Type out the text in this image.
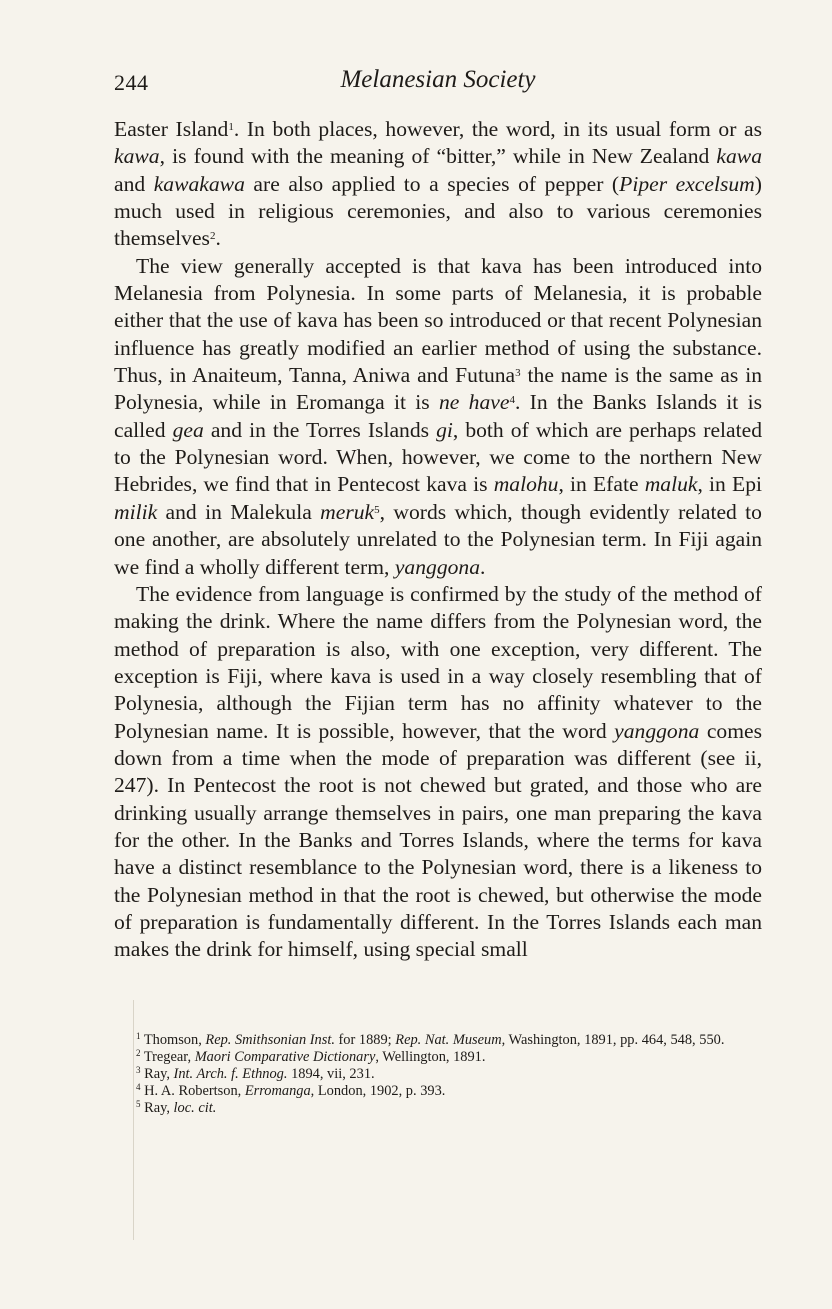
244	Melanesian Society

Easter Island$^1$. In both places, however, the word, in its usual form or as kawa, is found with the meaning of “bitter,” while in New Zealand kawa and kawakawa are also applied to a species of pepper (Piper excelsum) much used in religious ceremonies, and also to various ceremonies themselves$^2$.

The view generally accepted is that kava has been introduced into Melanesia from Polynesia. In some parts of Melanesia, it is probable either that the use of kava has been so introduced or that recent Polynesian influence has greatly modified an earlier method of using the substance. Thus, in Anaiteum, Tanna, Aniwa and Futuna$^3$ the name is the same as in Polynesia, while in Eromanga it is ne have$^4$. In the Banks Islands it is called gea and in the Torres Islands gi, both of which are perhaps related to the Polynesian word. When, however, we come to the northern New Hebrides, we find that in Pentecost kava is malohu, in Efate maluk, in Epi milik and in Malekula meruk$^5$, words which, though evidently related to one another, are absolutely unrelated to the Polynesian term. In Fiji again we find a wholly different term, yanggona.

The evidence from language is confirmed by the study of the method of making the drink. Where the name differs from the Polynesian word, the method of preparation is also, with one exception, very different. The exception is Fiji, where kava is used in a way closely resembling that of Polynesia, although the Fijian term has no affinity whatever to the Polynesian name. It is possible, however, that the word yanggona comes down from a time when the mode of preparation was different (see ii, 247). In Pentecost the root is not chewed but grated, and those who are drinking usually arrange themselves in pairs, one man preparing the kava for the other. In the Banks and Torres Islands, where the terms for kava have a distinct resemblance to the Polynesian word, there is a likeness to the Polynesian method in that the root is chewed, but otherwise the mode of preparation is fundamentally different. In the Torres Islands each man makes the drink for himself, using special small

$^1$ Thomson, Rep. Smithsonian Inst. for 1889; Rep. Nat. Museum, Washington, 1891, pp. 464, 548, 550.

$^2$ Tregear, Maori Comparative Dictionary, Wellington, 1891.

$^3$ Ray, Int. Arch. f. Ethnog. 1894, vii, 231.

$^4$ H. A. Robertson, Erromanga, London, 1902, p. 393.

$^5$ Ray, loc. cit.
